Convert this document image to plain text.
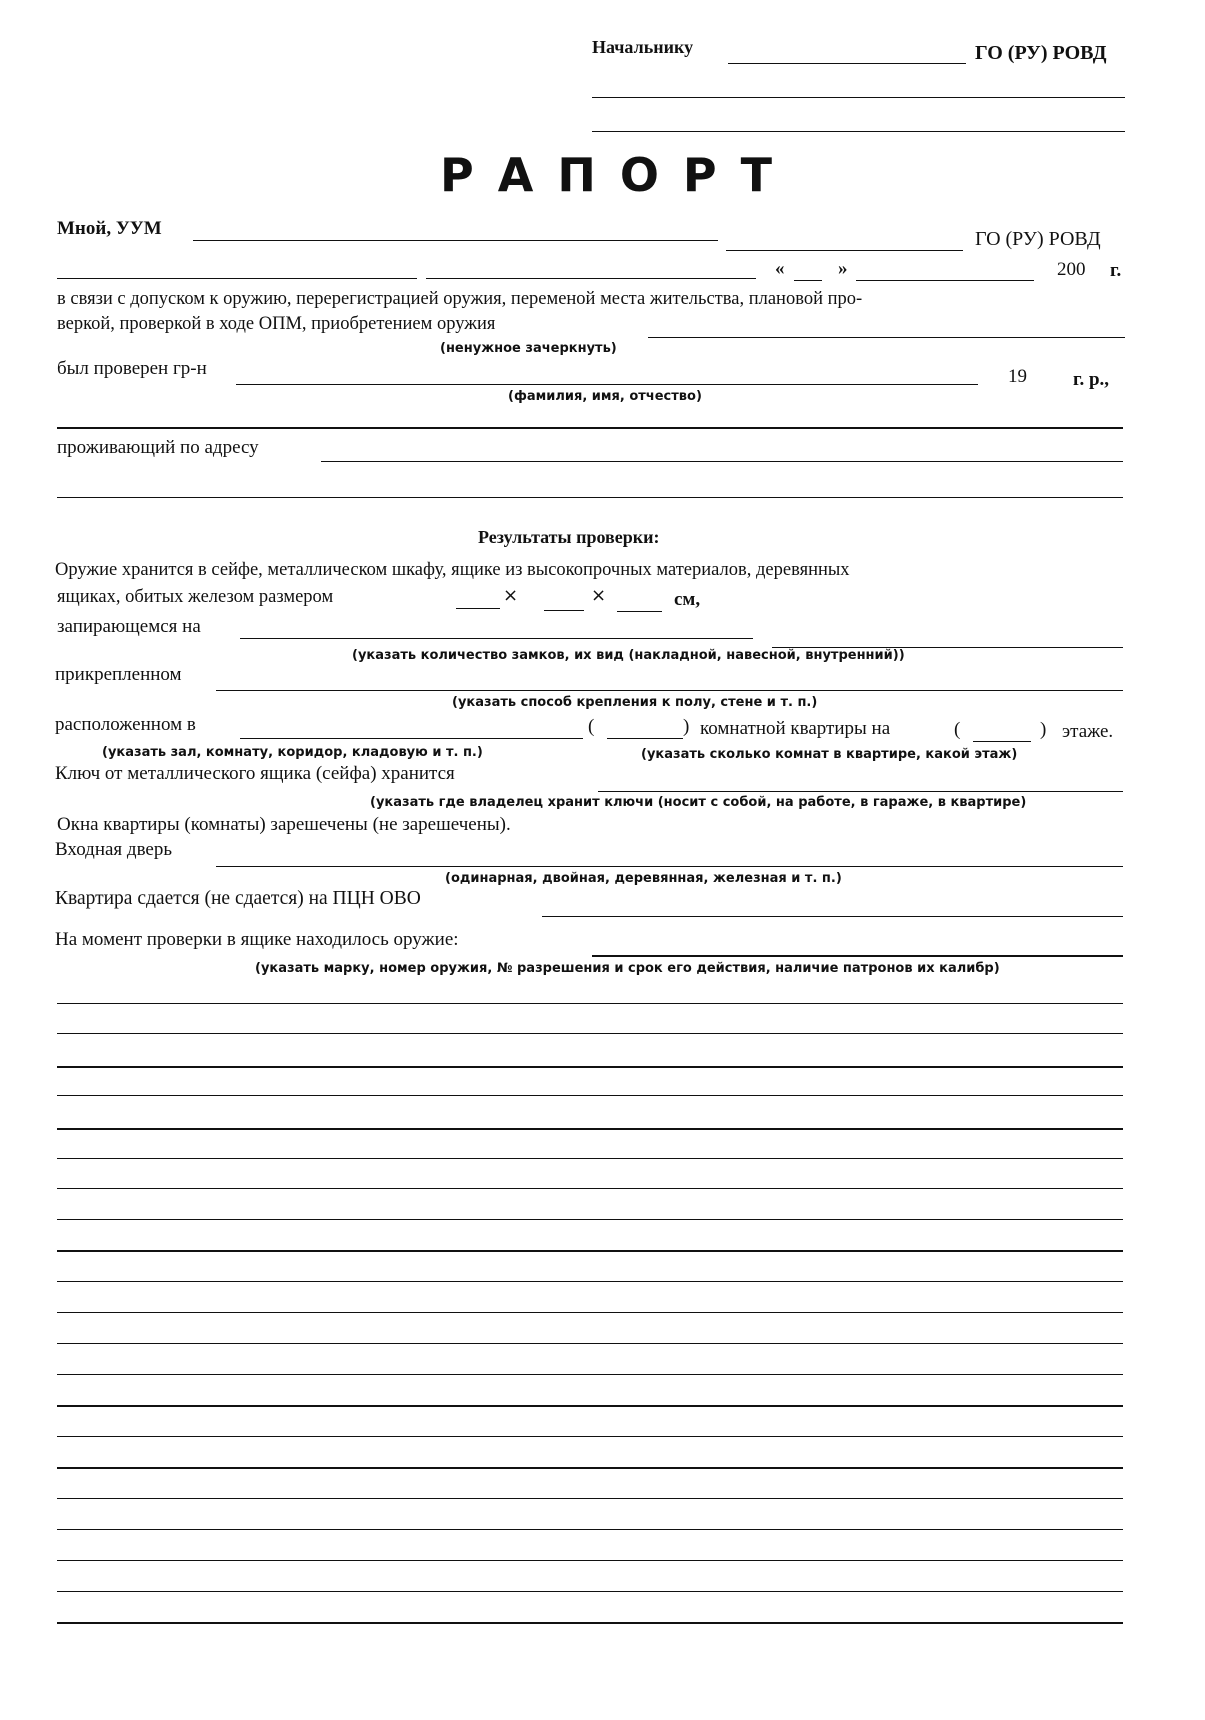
Начальнику	ГО (РУ) РОВД
РАПОРТ
Мной, УУМ	ГО (РУ) РОВД
«	»	200 г.
в связи с допуском к оружию, перерегистрацией оружия, переменой места жительства, плановой про-
веркой, проверкой в ходе ОПМ, приобретением оружия
(ненужное зачеркнуть)
был проверен гр-н	19 г. р.,
(фамилия, имя, отчество)
проживающий по адресу
Результаты проверки:
Оружие хранится в сейфе, металлическом шкафу, ящике из высокопрочных материалов, деревянных
ящиках, обитых железом размером	×	×	см,
запирающемся на
(указать количество замков, их вид (накладной, навесной, внутренний))
прикрепленном
(указать способ крепления к полу, стене и т. п.)
расположенном в	(	) комнатной квартиры на	(	) этаже.
(указать зал, комнату, коридор, кладовую и т. п.)	(указать сколько комнат в квартире, какой этаж)
Ключ от металлического ящика (сейфа) хранится
(указать где владелец хранит ключи (носит с собой, на работе, в гараже, в квартире)
Окна квартиры (комнаты) зарешечены (не зарешечены).
Входная дверь
(одинарная, двойная, деревянная, железная и т. п.)
Квартира сдается (не сдается) на ПЦН ОВО
На момент проверки в ящике находилось оружие:
(указать марку, номер оружия, № разрешения и срок его действия, наличие патронов их калибр)
